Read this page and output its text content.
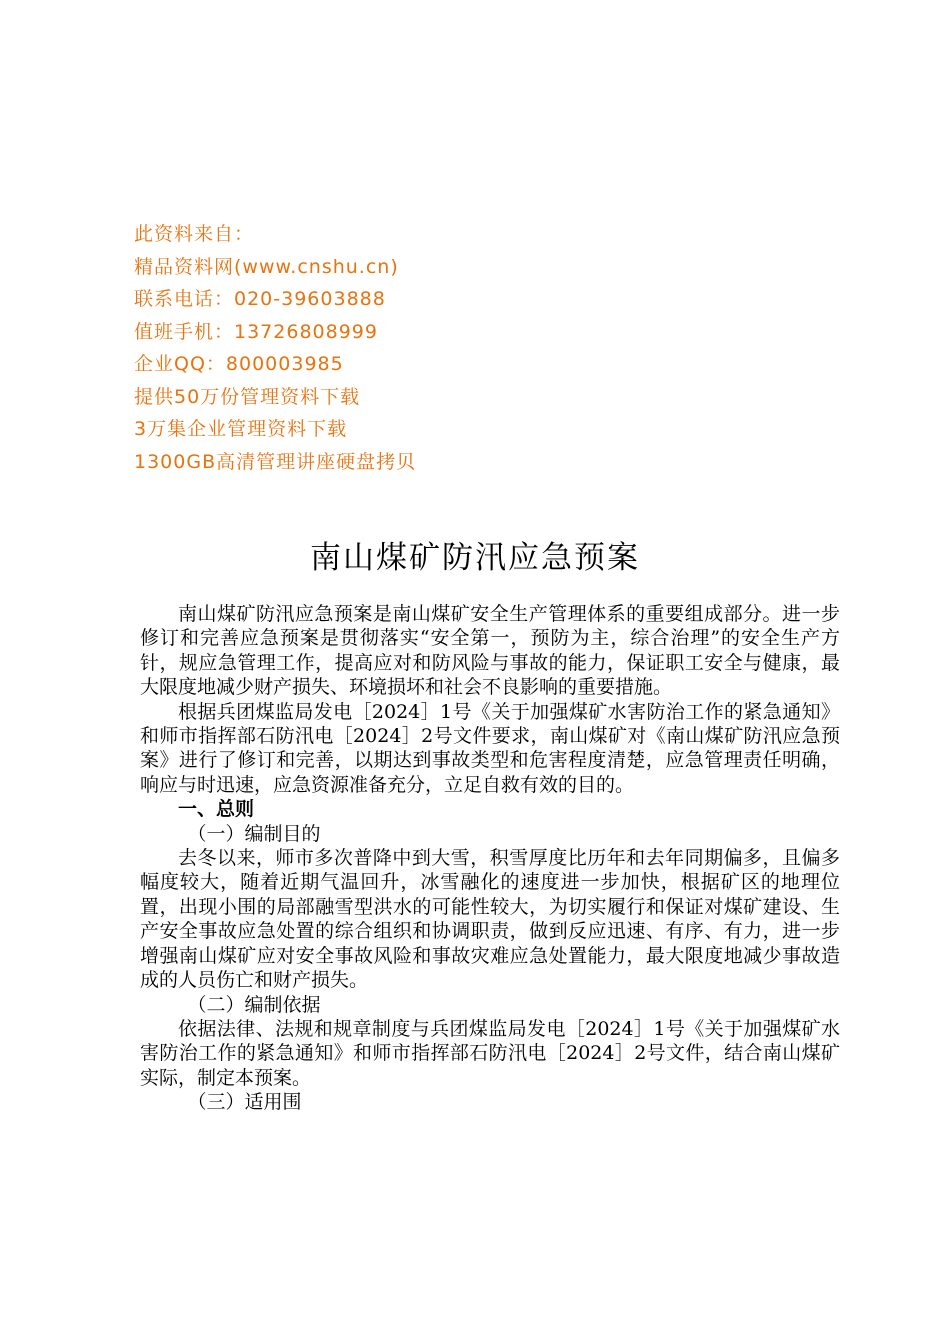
此资料来自：
精品资料网(www.cnshu.cn)
联系电话：020-39603888
值班手机：13726808999
企业QQ：800003985
提供50万份管理资料下载
3万集企业管理资料下载
1300GB高清管理讲座硬盘拷贝
南山煤矿防汛应急预案

南山煤矿防汛应急预案是南山煤矿安全生产管理体系的重要组成部分。进一步修订和完善应急预案是贯彻落实“安全第一，预防为主，综合治理”的安全生产方针，规应急管理工作，提高应对和防风险与事故的能力，保证职工安全与健康，最大限度地减少财产损失、环境损坏和社会不良影响的重要措施。

根据兵团煤监局发电［2024］1号《关于加强煤矿水害防治工作的紧急通知》和师市指挥部石防汛电［2024］2号文件要求，南山煤矿对《南山煤矿防汛应急预案》进行了修订和完善，以期达到事故类型和危害程度清楚，应急管理责任明确，响应与时迅速，应急资源准备充分，立足自救有效的目的。

一、总则
（一）编制目的

去冬以来，师市多次普降中到大雪，积雪厚度比历年和去年同期偏多，且偏多幅度较大，随着近期气温回升，冰雪融化的速度进一步加快，根据矿区的地理位置，出现小围的局部融雪型洪水的可能性较大，为切实履行和保证对煤矿建设、生产安全事故应急处置的综合组织和协调职责，做到反应迅速、有序、有力，进一步增强南山煤矿应对安全事故风险和事故灾难应急处置能力，最大限度地减少事故造成的人员伤亡和财产损失。

（二）编制依据

依据法律、法规和规章制度与兵团煤监局发电［2024］1号《关于加强煤矿水害防治工作的紧急通知》和师市指挥部石防汛电［2024］2号文件，结合南山煤矿实际，制定本预案。

（三）适用围
